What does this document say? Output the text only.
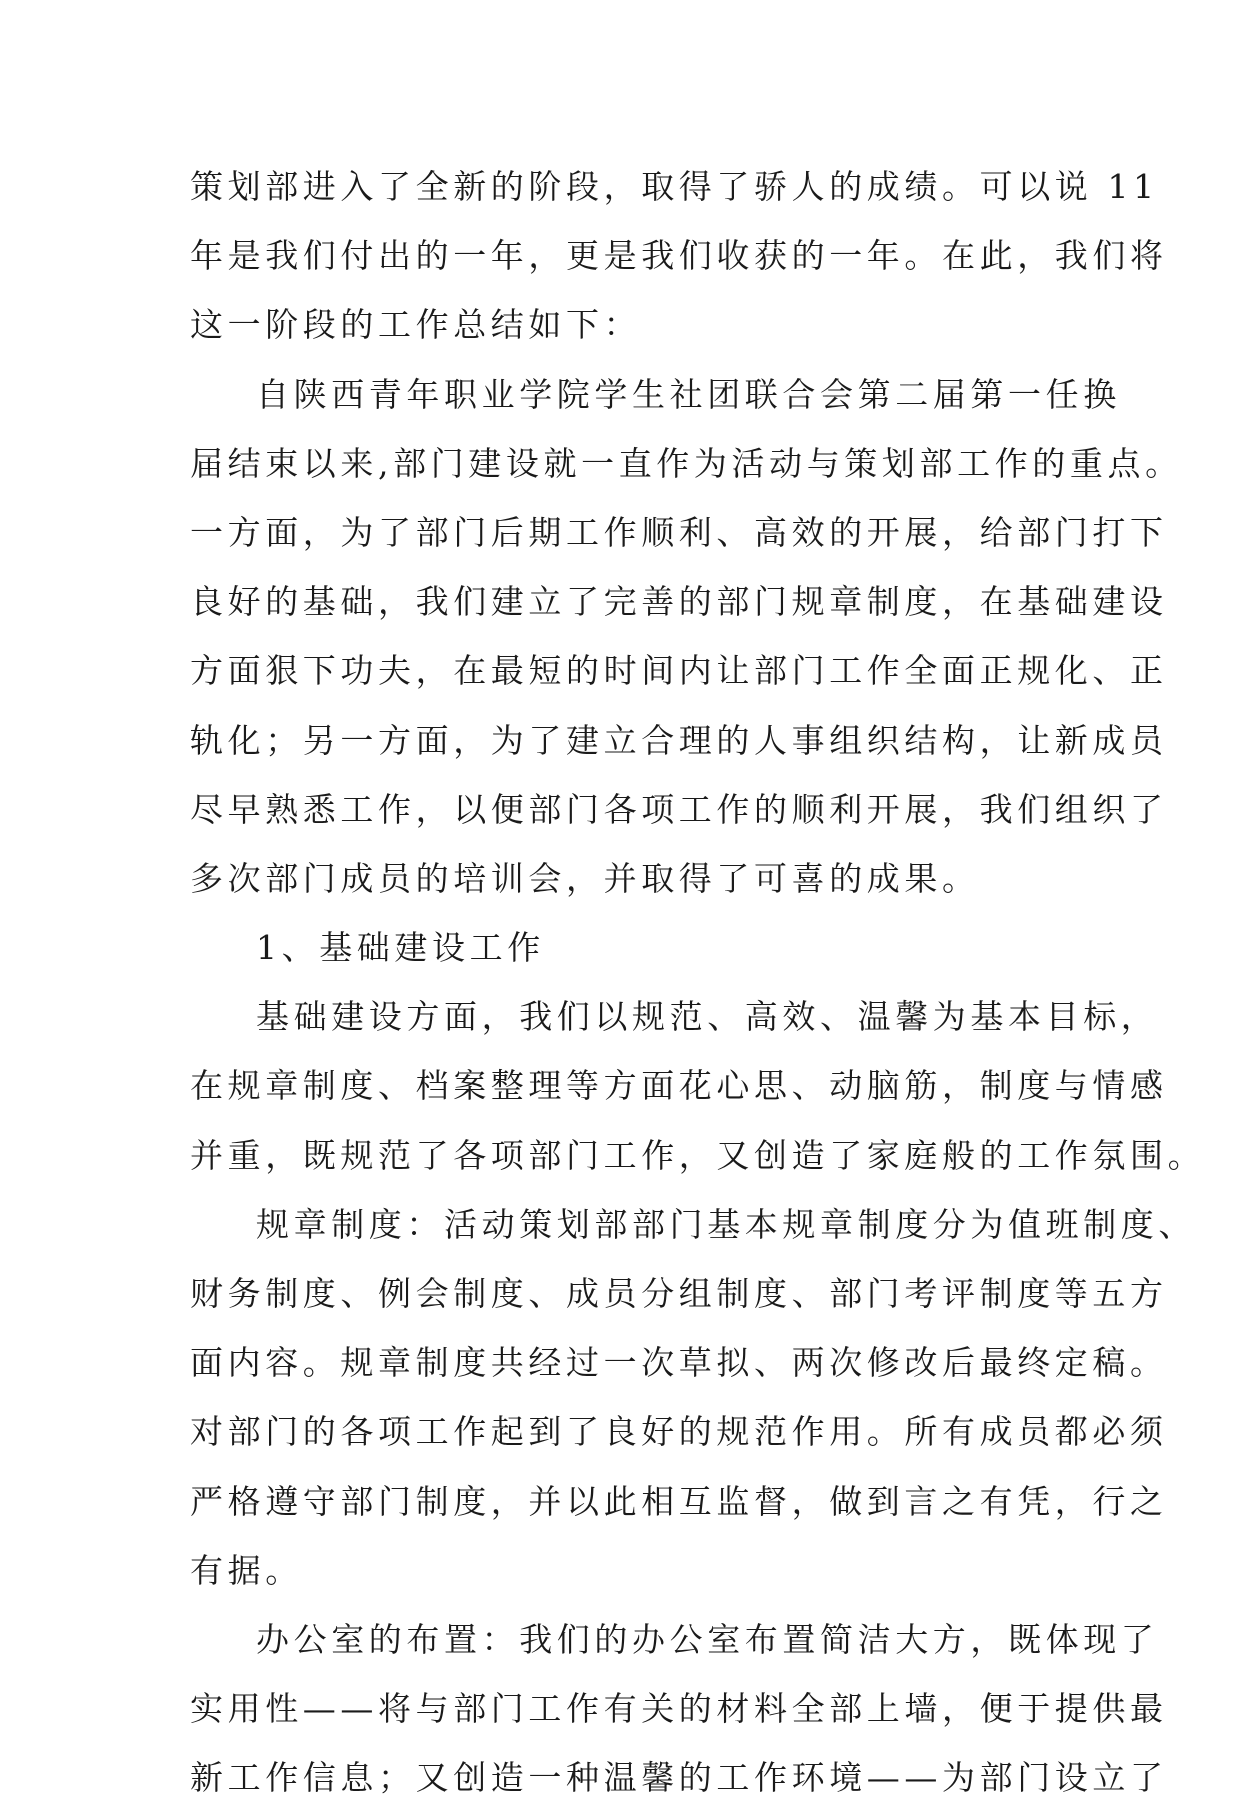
策划部进入了全新的阶段，取得了骄人的成绩。可以说 11
年是我们付出的一年，更是我们收获的一年。在此，我们将
这一阶段的工作总结如下：
自陕西青年职业学院学生社团联合会第二届第一任换
届结束以来,部门建设就一直作为活动与策划部工作的重点。
一方面，为了部门后期工作顺利、高效的开展，给部门打下
良好的基础，我们建立了完善的部门规章制度，在基础建设
方面狠下功夫，在最短的时间内让部门工作全面正规化、正
轨化；另一方面，为了建立合理的人事组织结构，让新成员
尽早熟悉工作，以便部门各项工作的顺利开展，我们组织了
多次部门成员的培训会，并取得了可喜的成果。
1、基础建设工作
基础建设方面，我们以规范、高效、温馨为基本目标，
在规章制度、档案整理等方面花心思、动脑筋，制度与情感
并重，既规范了各项部门工作，又创造了家庭般的工作氛围。
规章制度：活动策划部部门基本规章制度分为值班制度、
财务制度、例会制度、成员分组制度、部门考评制度等五方
面内容。规章制度共经过一次草拟、两次修改后最终定稿。
对部门的各项工作起到了良好的规范作用。所有成员都必须
严格遵守部门制度，并以此相互监督，做到言之有凭，行之
有据。
办公室的布置：我们的办公室布置简洁大方，既体现了
实用性——将与部门工作有关的材料全部上墙，便于提供最
新工作信息；又创造一种温馨的工作环境——为部门设立了
